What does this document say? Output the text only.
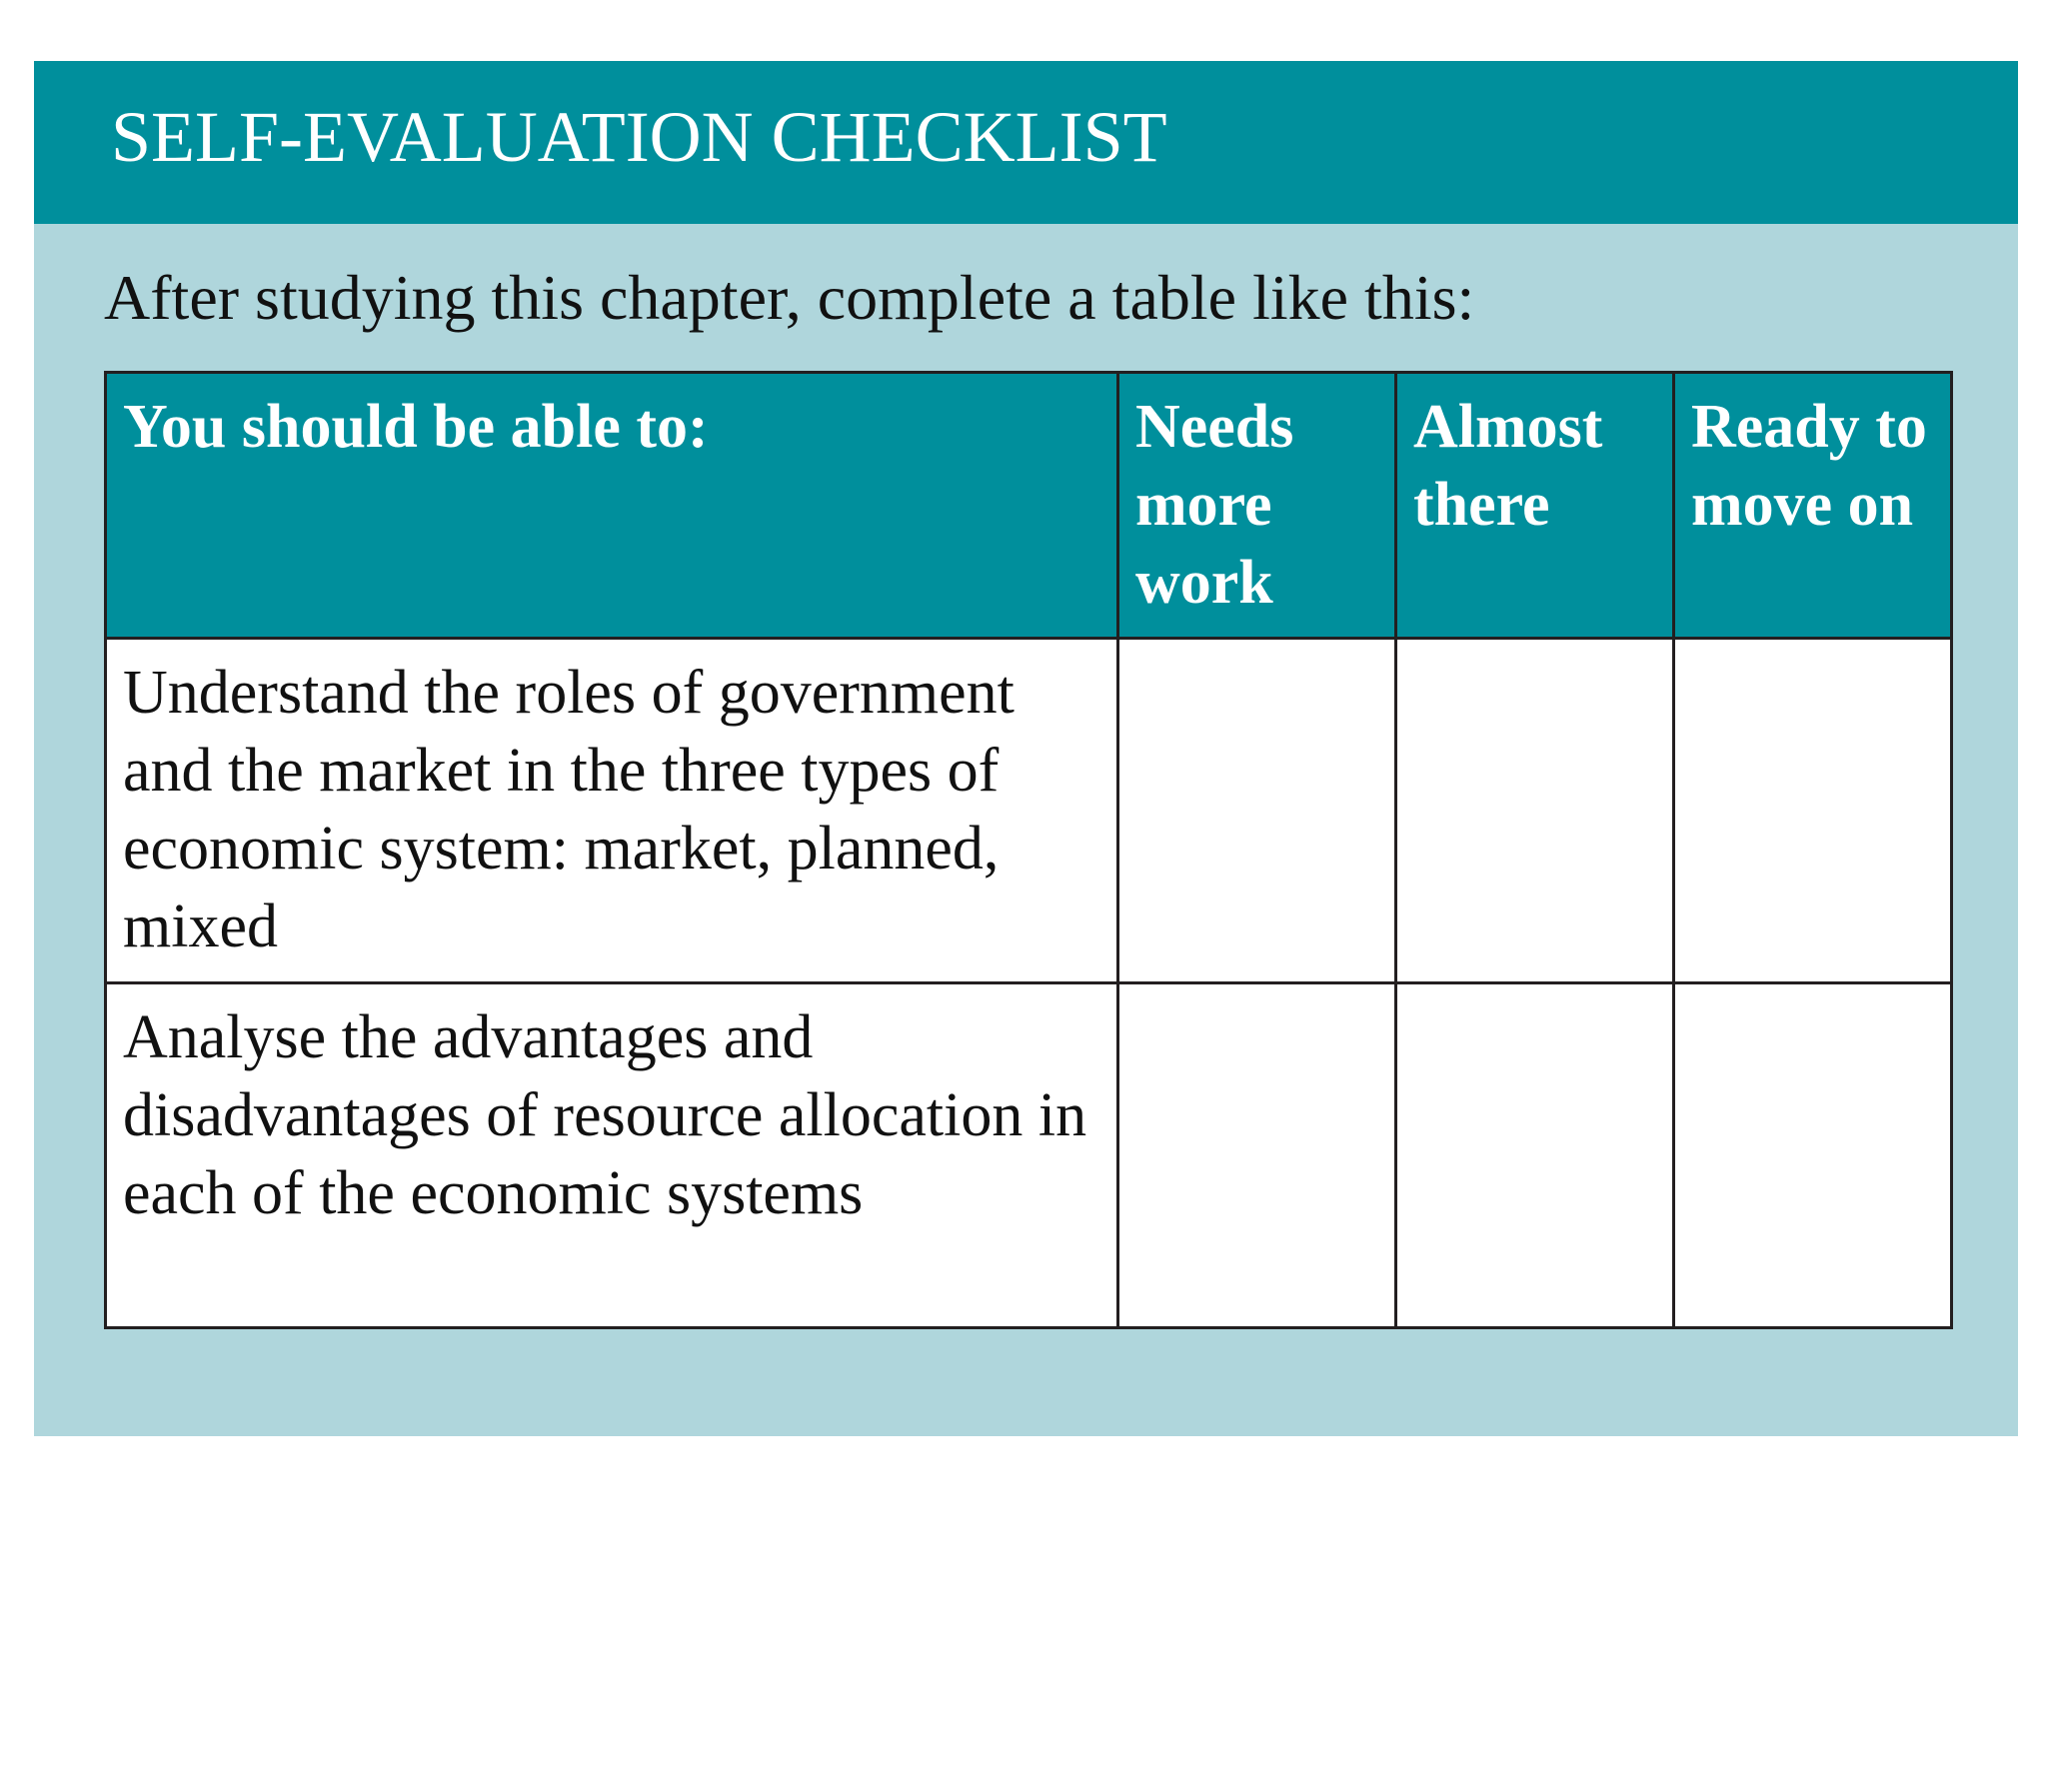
SELF-EVALUATION CHECKLIST

After studying this chapter, complete a table like this:

You should be able to:	Needs more work	Almost there	Ready to move on
Understand the roles of government and the market in the three types of economic system: market, planned, mixed			
Analyse the advantages and disadvantages of resource allocation in each of the economic systems			
